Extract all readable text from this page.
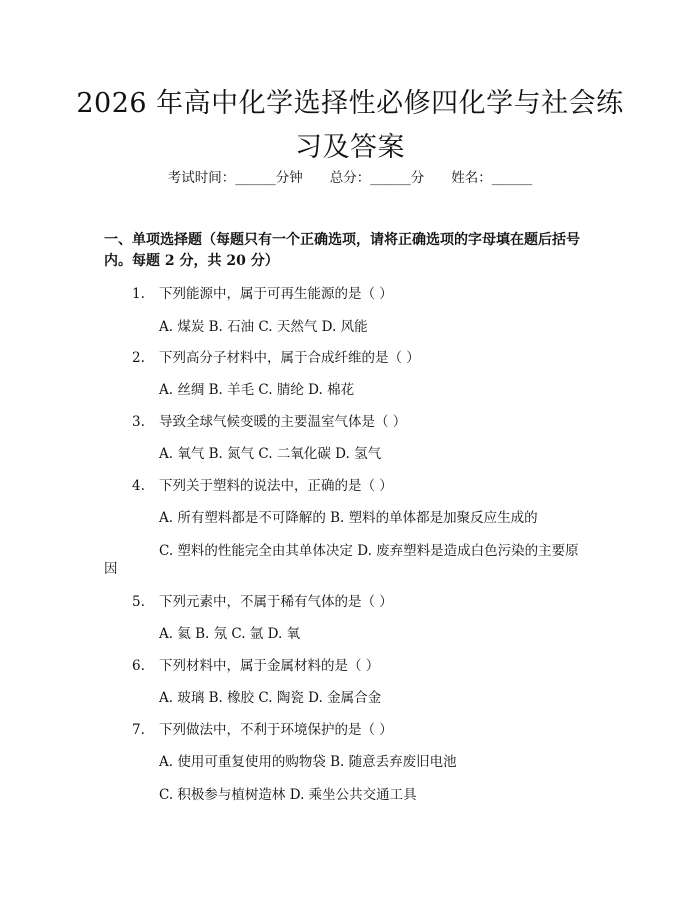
2026 年高中化学选择性必修四化学与社会练
习及答案
考试时间：______分钟　　总分：______分　　姓名：______
一、单项选择题（每题只有一个正确选项，请将正确选项的字母填在题后括号内。每题 2 分，共 20 分）
1. 下列能源中，属于可再生能源的是（ ）
A. 煤炭 B. 石油 C. 天然气 D. 风能
2. 下列高分子材料中，属于合成纤维的是（ ）
A. 丝绸 B. 羊毛 C. 腈纶 D. 棉花
3. 导致全球气候变暖的主要温室气体是（ ）
A. 氧气 B. 氮气 C. 二氧化碳 D. 氢气
4. 下列关于塑料的说法中，正确的是（ ）
A. 所有塑料都是不可降解的 B. 塑料的单体都是加聚反应生成的
C. 塑料的性能完全由其单体决定 D. 废弃塑料是造成白色污染的主要原
因
5. 下列元素中，不属于稀有气体的是（ ）
A. 氦 B. 氖 C. 氩 D. 氧
6. 下列材料中，属于金属材料的是（ ）
A. 玻璃 B. 橡胶 C. 陶瓷 D. 金属合金
7. 下列做法中，不利于环境保护的是（ ）
A. 使用可重复使用的购物袋 B. 随意丢弃废旧电池
C. 积极参与植树造林 D. 乘坐公共交通工具
